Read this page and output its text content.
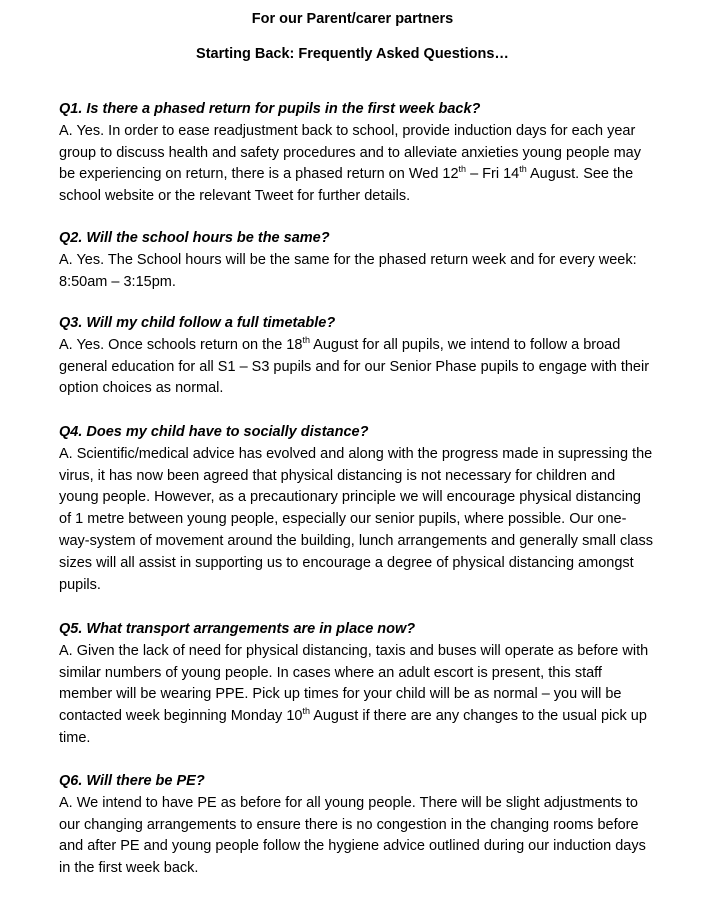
For our Parent/carer partners
Starting Back: Frequently Asked Questions…
Q1. Is there a phased return for pupils in the first week back?
A. Yes. In order to ease readjustment back to school, provide induction days for each year group to discuss health and safety procedures and to alleviate anxieties young people may be experiencing on return, there is a phased return on Wed 12th – Fri 14th August. See the school website or the relevant Tweet for further details.
Q2. Will the school hours be the same?
A. Yes. The School hours will be the same for the phased return week and for every week: 8:50am – 3:15pm.
Q3. Will my child follow a full timetable?
A. Yes. Once schools return on the 18th August for all pupils, we intend to follow a broad general education for all S1 – S3 pupils and for our Senior Phase pupils to engage with their option choices as normal.
Q4. Does my child have to socially distance?
A. Scientific/medical advice has evolved and along with the progress made in supressing the virus, it has now been agreed that physical distancing is not necessary for children and young people. However, as a precautionary principle we will encourage physical distancing of 1 metre between young people, especially our senior pupils, where possible. Our one-way-system of movement around the building, lunch arrangements and generally small class sizes will all assist in supporting us to encourage a degree of physical distancing amongst pupils.
Q5. What transport arrangements are in place now?
A. Given the lack of need for physical distancing, taxis and buses will operate as before with similar numbers of young people. In cases where an adult escort is present, this staff member will be wearing PPE. Pick up times for your child will be as normal – you will be contacted week beginning Monday 10th August if there are any changes to the usual pick up time.
Q6. Will there be PE?
A. We intend to have PE as before for all young people. There will be slight adjustments to our changing arrangements to ensure there is no congestion in the changing rooms before and after PE and young people follow the hygiene advice outlined during our induction days in the first week back.
